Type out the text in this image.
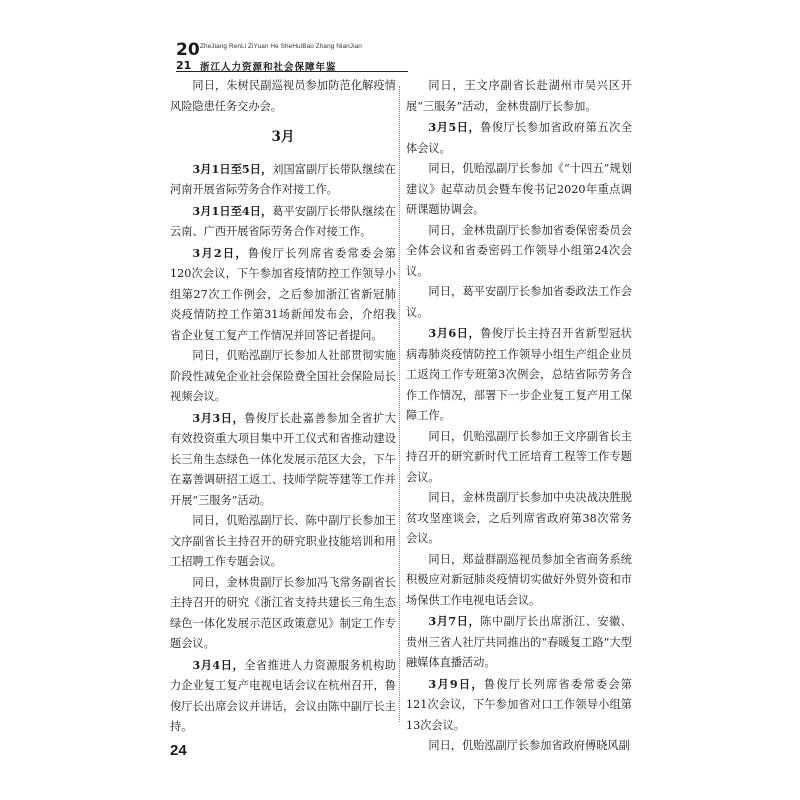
20
21
ZheJiang RenLi ZiYuan He SheHuiBao Zhang NianJian
浙江人力资源和社会保障年鉴

同日，朱树民副巡视员参加防范化解疫情风险隐患任务交办会。

3月

3月1日至5日，刘国富副厅长带队继续在河南开展省际劳务合作对接工作。

3月1日至4日，葛平安副厅长带队继续在云南、广西开展省际劳务合作对接工作。

3月2日，鲁俊厅长列席省委常委会第120次会议，下午参加省疫情防控工作领导小组第27次工作例会，之后参加浙江省新冠肺炎疫情防控工作第31场新闻发布会，介绍我省企业复工复产工作情况并回答记者提问。

同日，仉贻泓副厅长参加人社部贯彻实施阶段性减免企业社会保险费全国社会保险局长视频会议。

3月3日，鲁俊厅长赴嘉善参加全省扩大有效投资重大项目集中开工仪式和省推动建设长三角生态绿色一体化发展示范区大会，下午在嘉善调研招工返工、技师学院等建等工作并开展“三服务”活动。

同日，仉贻泓副厅长、陈中副厅长参加王文序副省长主持召开的研究职业技能培训和用工招聘工作专题会议。

同日，金林贵副厅长参加冯飞常务副省长主持召开的研究《浙江省支持共建长三角生态绿色一体化发展示范区政策意见》制定工作专题会议。

3月4日，全省推进人力资源服务机构助力企业复工复产电视电话会议在杭州召开，鲁俊厅长出席会议并讲话，会议由陈中副厅长主持。

同日，王文序副省长赴湖州市吴兴区开展“三服务”活动，金林贵副厅长参加。

3月5日，鲁俊厅长参加省政府第五次全体会议。

同日，仉贻泓副厅长参加《“十四五”规划建议》起草动员会暨车俊书记2020年重点调研课题协调会。

同日，金林贵副厅长参加省委保密委员会全体会议和省委密码工作领导小组第24次会议。

同日，葛平安副厅长参加省委政法工作会议。

3月6日，鲁俊厅长主持召开省新型冠状病毒肺炎疫情防控工作领导小组生产组企业员工返岗工作专班第3次例会，总结省际劳务合作工作情况，部署下一步企业复工复产用工保障工作。

同日，仉贻泓副厅长参加王文序副省长主持召开的研究新时代工匠培育工程等工作专题会议。

同日，金林贵副厅长参加中央决战决胜脱贫攻坚座谈会，之后列席省政府第38次常务会议。

同日，郑益群副巡视员参加全省商务系统积极应对新冠肺炎疫情切实做好外贸外资和市场保供工作电视电话会议。

3月7日，陈中副厅长出席浙江、安徽、贵州三省人社厅共同推出的“春暖复工路”大型融媒体直播活动。

3月9日，鲁俊厅长列席省委常委会第121次会议，下午参加省对口工作领导小组第13次会议。

同日，仉贻泓副厅长参加省政府傅晓风副

24
